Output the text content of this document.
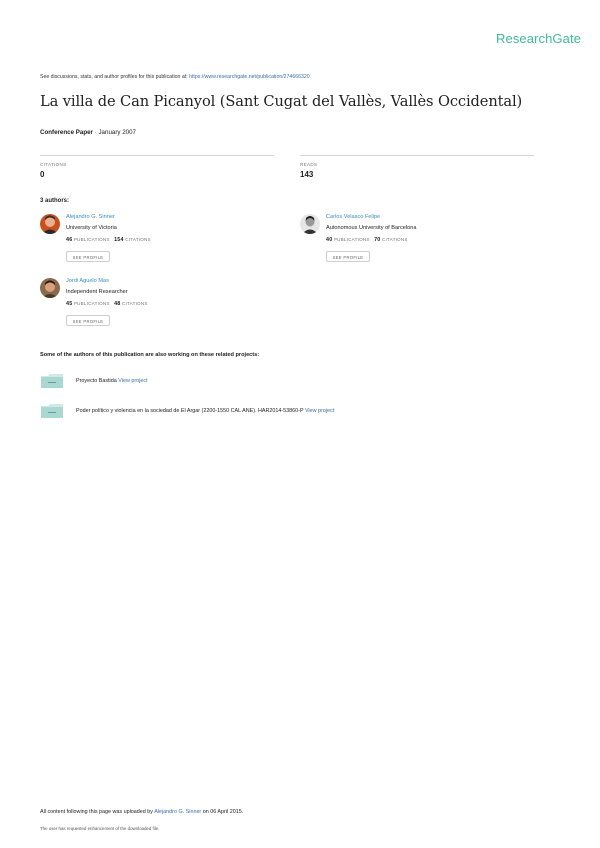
ResearchGate
See discussions, stats, and author profiles for this publication at: https://www.researchgate.net/publication/274666320
La villa de Can Picanyol (Sant Cugat del Vallès, Vallès Occidental)
Conference Paper · January 2007
CITATIONS
0
READS
143
3 authors:
Alejandro G. Sinner
University of Victoria
46 PUBLICATIONS 154 CITATIONS
SEE PROFILE
Carlos Velasco Felipe
Autonomous University of Barcelona
40 PUBLICATIONS 70 CITATIONS
SEE PROFILE
Jordi Aguelo Mas
Independent Researcher
45 PUBLICATIONS 48 CITATIONS
SEE PROFILE
Some of the authors of this publication are also working on these related projects:
Proyecto Bastida View project
Poder político y violencia en la sociedad de El Argar (2200-1550 CAL ANE). HAR2014-53860-P View project
All content following this page was uploaded by Alejandro G. Sinner on 06 April 2015.
The user has requested enhancement of the downloaded file.
